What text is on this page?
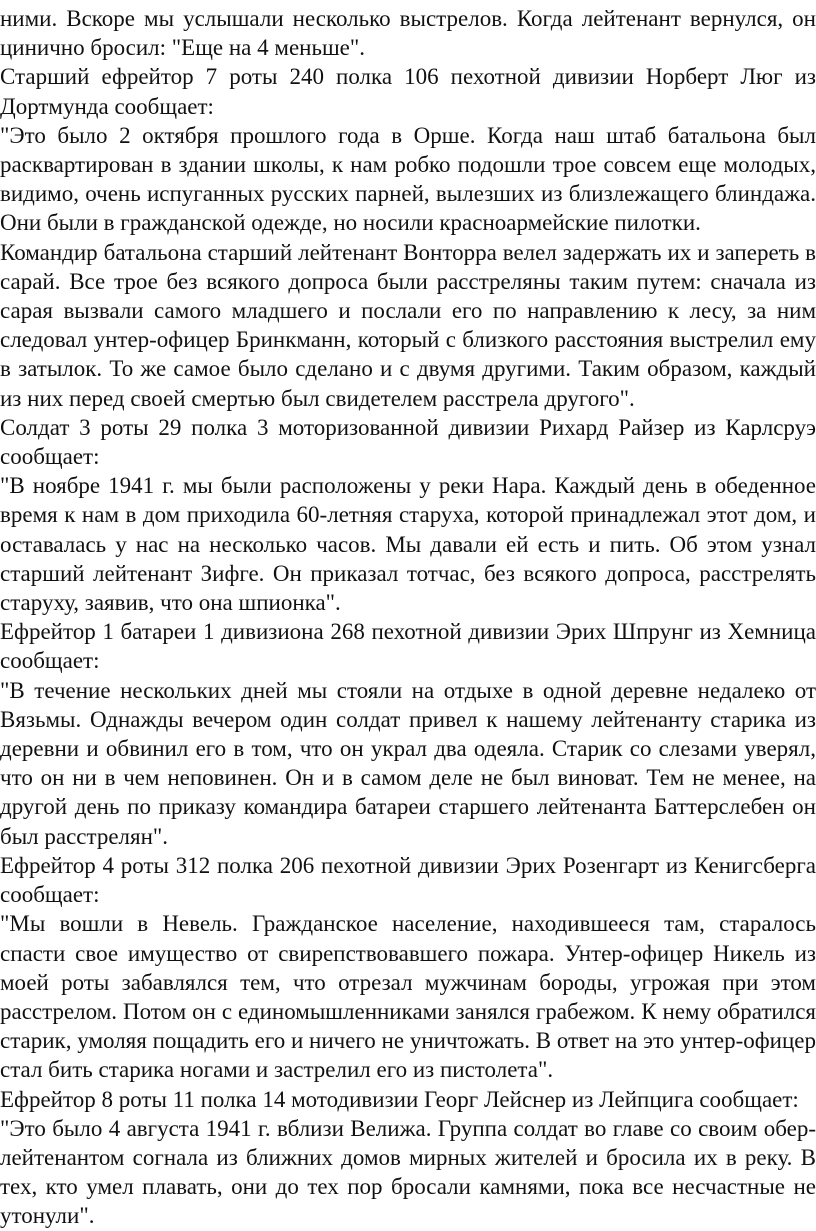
ними. Вскоре мы услышали несколько выстрелов. Когда лейтенант вернулся, он цинично бросил: "Еще на 4 меньше".

Старший ефрейтор 7 роты 240 полка 106 пехотной дивизии Норберт Люг из Дортмунда сообщает:

"Это было 2 октября прошлого года в Орше. Когда наш штаб батальона был расквартирован в здании школы, к нам робко подошли трое совсем еще молодых, видимо, очень испуганных русских парней, вылезших из близлежащего блиндажа. Они были в гражданской одежде, но носили красноармейские пилотки.

Командир батальона старший лейтенант Вонторра велел задержать их и запереть в сарай. Все трое без всякого допроса были расстреляны таким путем: сначала из сарая вызвали самого младшего и послали его по направлению к лесу, за ним следовал унтер-офицер Бринкманн, который с близкого расстояния выстрелил ему в затылок. То же самое было сделано и с двумя другими. Таким образом, каждый из них перед своей смертью был свидетелем расстрела другого".

Солдат 3 роты 29 полка 3 моторизованной дивизии Рихард Райзер из Карлсруэ сообщает:

"В ноябре 1941 г. мы были расположены у реки Нара. Каждый день в обеденное время к нам в дом приходила 60-летняя старуха, которой принадлежал этот дом, и оставалась у нас на несколько часов. Мы давали ей есть и пить. Об этом узнал старший лейтенант Зифге. Он приказал тотчас, без всякого допроса, расстрелять старуху, заявив, что она шпионка".

Ефрейтор 1 батареи 1 дивизиона 268 пехотной дивизии Эрих Шпрунг из Хемница сообщает:

"В течение нескольких дней мы стояли на отдыхе в одной деревне недалеко от Вязьмы. Однажды вечером один солдат привел к нашему лейтенанту старика из деревни и обвинил его в том, что он украл два одеяла. Старик со слезами уверял, что он ни в чем неповинен. Он и в самом деле не был виноват. Тем не менее, на другой день по приказу командира батареи старшего лейтенанта Баттерслебен он был расстрелян".

Ефрейтор 4 роты 312 полка 206 пехотной дивизии Эрих Розенгарт из Кенигсберга сообщает:

"Мы вошли в Невель. Гражданское население, находившееся там, старалось спасти свое имущество от свирепствовавшего пожара. Унтер-офицер Никель из моей роты забавлялся тем, что отрезал мужчинам бороды, угрожая при этом расстрелом. Потом он с единомышленниками занялся грабежом. К нему обратился старик, умоляя пощадить его и ничего не уничтожать. В ответ на это унтер-офицер стал бить старика ногами и застрелил его из пистолета".

Ефрейтор 8 роты 11 полка 14 мотодивизии Георг Лейснер из Лейпцига сообщает:

"Это было 4 августа 1941 г. вблизи Велижа. Группа солдат во главе со своим обер-лейтенантом согнала из ближних домов мирных жителей и бросила их в реку. В тех, кто умел плавать, они до тех пор бросали камнями, пока все несчастные не утонули".
